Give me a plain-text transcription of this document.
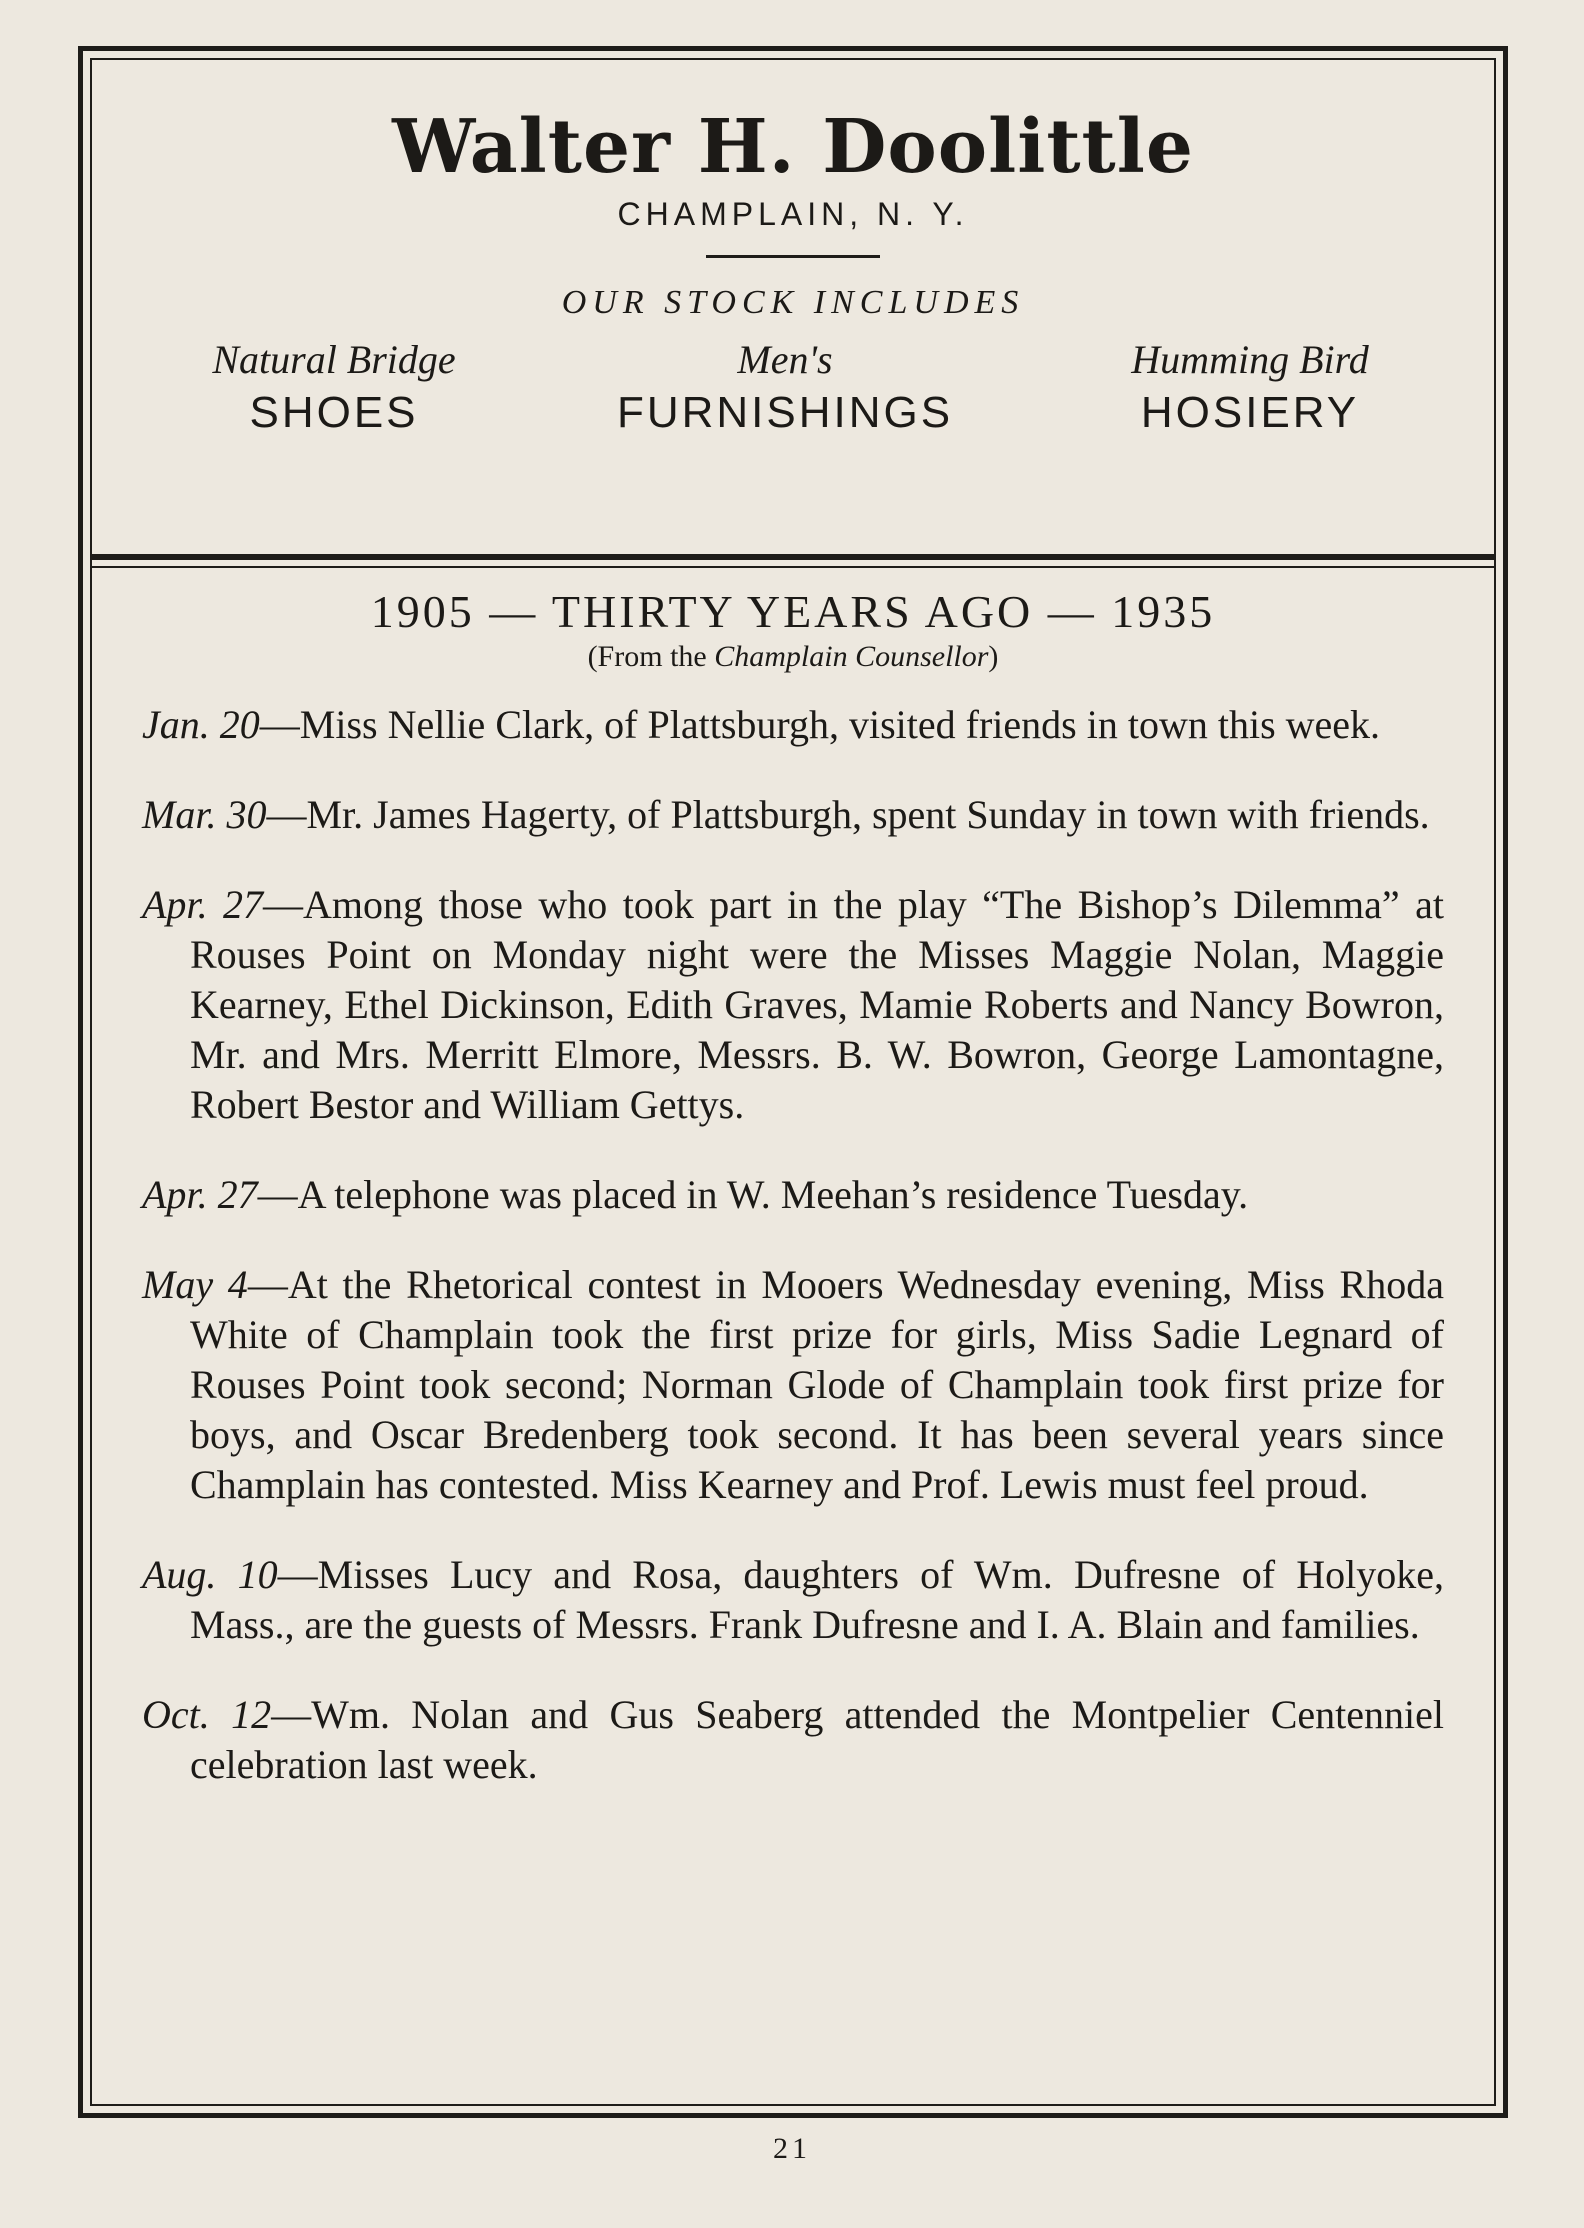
Walter H. Doolittle
CHAMPLAIN, N. Y.
OUR STOCK INCLUDES
Natural Bridge
SHOES
Men's
FURNISHINGS
Humming Bird
HOSIERY
1905 — THIRTY YEARS AGO — 1935
(From the Champlain Counsellor)

Jan. 20—Miss Nellie Clark, of Plattsburgh, visited friends in town this week.

Mar. 30—Mr. James Hagerty, of Plattsburgh, spent Sunday in town with friends.

Apr. 27—Among those who took part in the play “The Bishop’s Dilemma” at Rouses Point on Monday night were the Misses Maggie Nolan, Maggie Kearney, Ethel Dickinson, Edith Graves, Mamie Roberts and Nancy Bowron, Mr. and Mrs. Merritt Elmore, Messrs. B. W. Bowron, George Lamontagne, Robert Bestor and William Gettys.

Apr. 27—A telephone was placed in W. Meehan’s residence Tuesday.

May 4—At the Rhetorical contest in Mooers Wednesday evening, Miss Rhoda White of Champlain took the first prize for girls, Miss Sadie Legnard of Rouses Point took second; Norman Glode of Champlain took first prize for boys, and Oscar Bredenberg took second. It has been several years since Champlain has contested. Miss Kearney and Prof. Lewis must feel proud.

Aug. 10—Misses Lucy and Rosa, daughters of Wm. Dufresne of Holyoke, Mass., are the guests of Messrs. Frank Dufresne and I. A. Blain and families.

Oct. 12—Wm. Nolan and Gus Seaberg attended the Montpelier Centenniel celebration last week.

21
